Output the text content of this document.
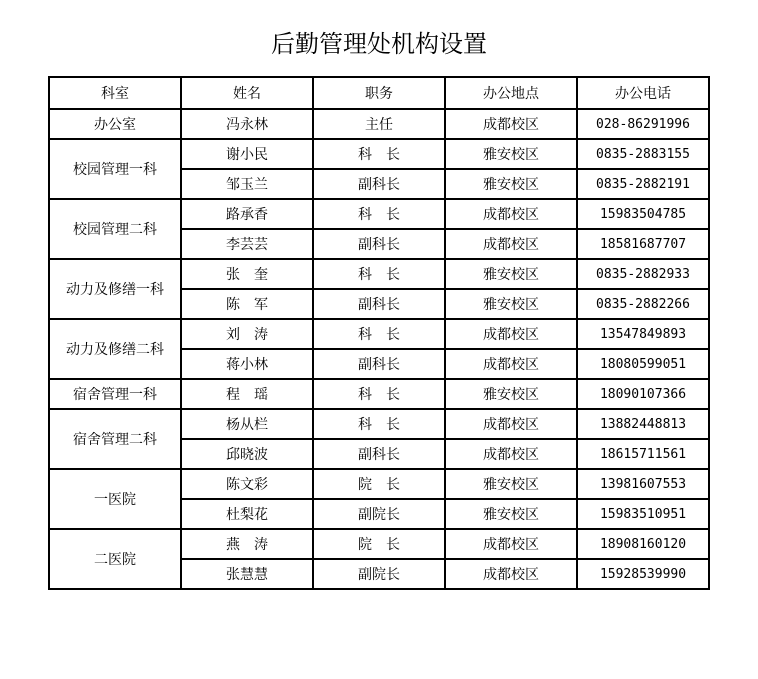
后勤管理处机构设置
科室	姓名	职务	办公地点	办公电话
办公室	冯永林	主任	成都校区	028-86291996
校园管理一科	谢小民	科　长	雅安校区	0835-2883155
	邹玉兰	副科长	雅安校区	0835-2882191
校园管理二科	路承香	科　长	成都校区	15983504785
	李芸芸	副科长	成都校区	18581687707
动力及修缮一科	张　奎	科　长	雅安校区	0835-2882933
	陈　军	副科长	雅安校区	0835-2882266
动力及修缮二科	刘　涛	科　长	成都校区	13547849893
	蒋小林	副科长	成都校区	18080599051
宿舍管理一科	程　瑶	科　长	雅安校区	18090107366
宿舍管理二科	杨从栏	科　长	成都校区	13882448813
	邱晓波	副科长	成都校区	18615711561
一医院	陈文彩	院　长	雅安校区	13981607553
	杜梨花	副院长	雅安校区	15983510951
二医院	燕　涛	院　长	成都校区	18908160120
	张慧慧	副院长	成都校区	15928539990
